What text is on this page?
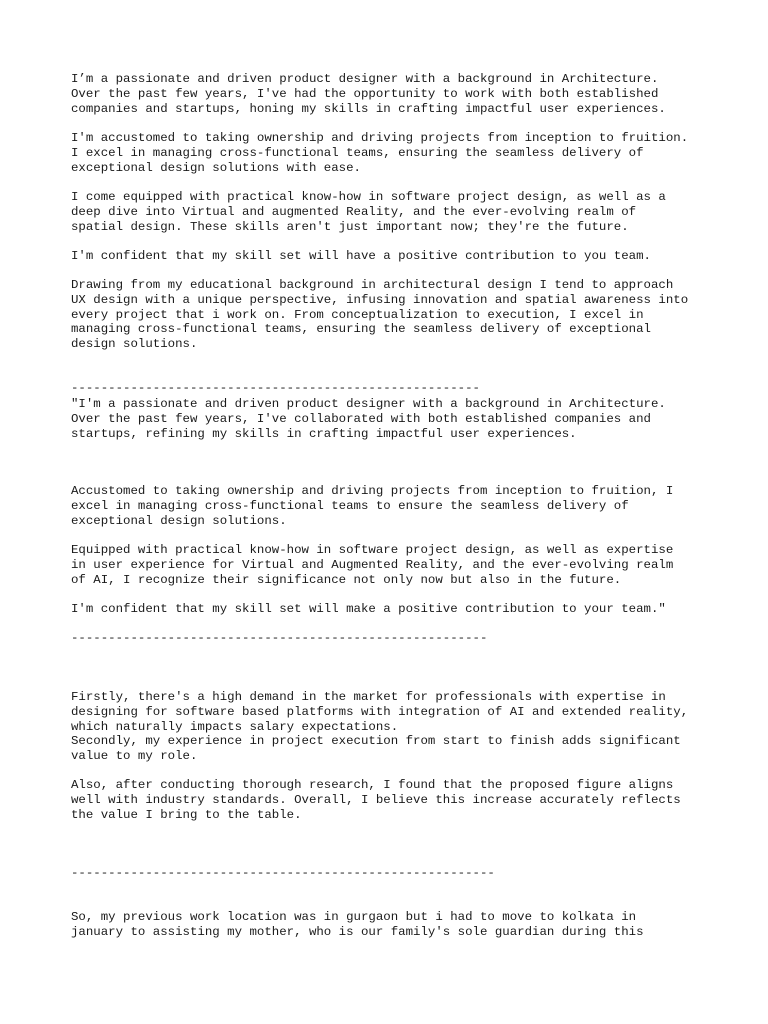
I’m a passionate and driven product designer with a background in Architecture.
Over the past few years, I've had the opportunity to work with both established
companies and startups, honing my skills in crafting impactful user experiences.

I'm accustomed to taking ownership and driving projects from inception to fruition.
I excel in managing cross-functional teams, ensuring the seamless delivery of
exceptional design solutions with ease.

I come equipped with practical know-how in software project design, as well as a
deep dive into Virtual and augmented Reality, and the ever-evolving realm of
spatial design. These skills aren't just important now; they're the future.

I'm confident that my skill set will have a positive contribution to you team.

Drawing from my educational background in architectural design I tend to approach
UX design with a unique perspective, infusing innovation and spatial awareness into
every project that i work on. From conceptualization to execution, I excel in
managing cross-functional teams, ensuring the seamless delivery of exceptional
design solutions.

-------------------------------------------------------

"I'm a passionate and driven product designer with a background in Architecture.
Over the past few years, I've collaborated with both established companies and
startups, refining my skills in crafting impactful user experiences.

Accustomed to taking ownership and driving projects from inception to fruition, I
excel in managing cross-functional teams to ensure the seamless delivery of
exceptional design solutions.

Equipped with practical know-how in software project design, as well as expertise
in user experience for Virtual and Augmented Reality, and the ever-evolving realm
of AI, I recognize their significance not only now but also in the future.

I'm confident that my skill set will make a positive contribution to your team."

--------------------------------------------------------

Firstly, there's a high demand in the market for professionals with expertise in
designing for software based platforms with integration of AI and extended reality,
which naturally impacts salary expectations.
Secondly, my experience in project execution from start to finish adds significant
value to my role.

Also, after conducting thorough research, I found that the proposed figure aligns
well with industry standards. Overall, I believe this increase accurately reflects
the value I bring to the table.

---------------------------------------------------------

So, my previous work location was in gurgaon but i had to move to kolkata in
january to assisting my mother, who is our family's sole guardian during this
